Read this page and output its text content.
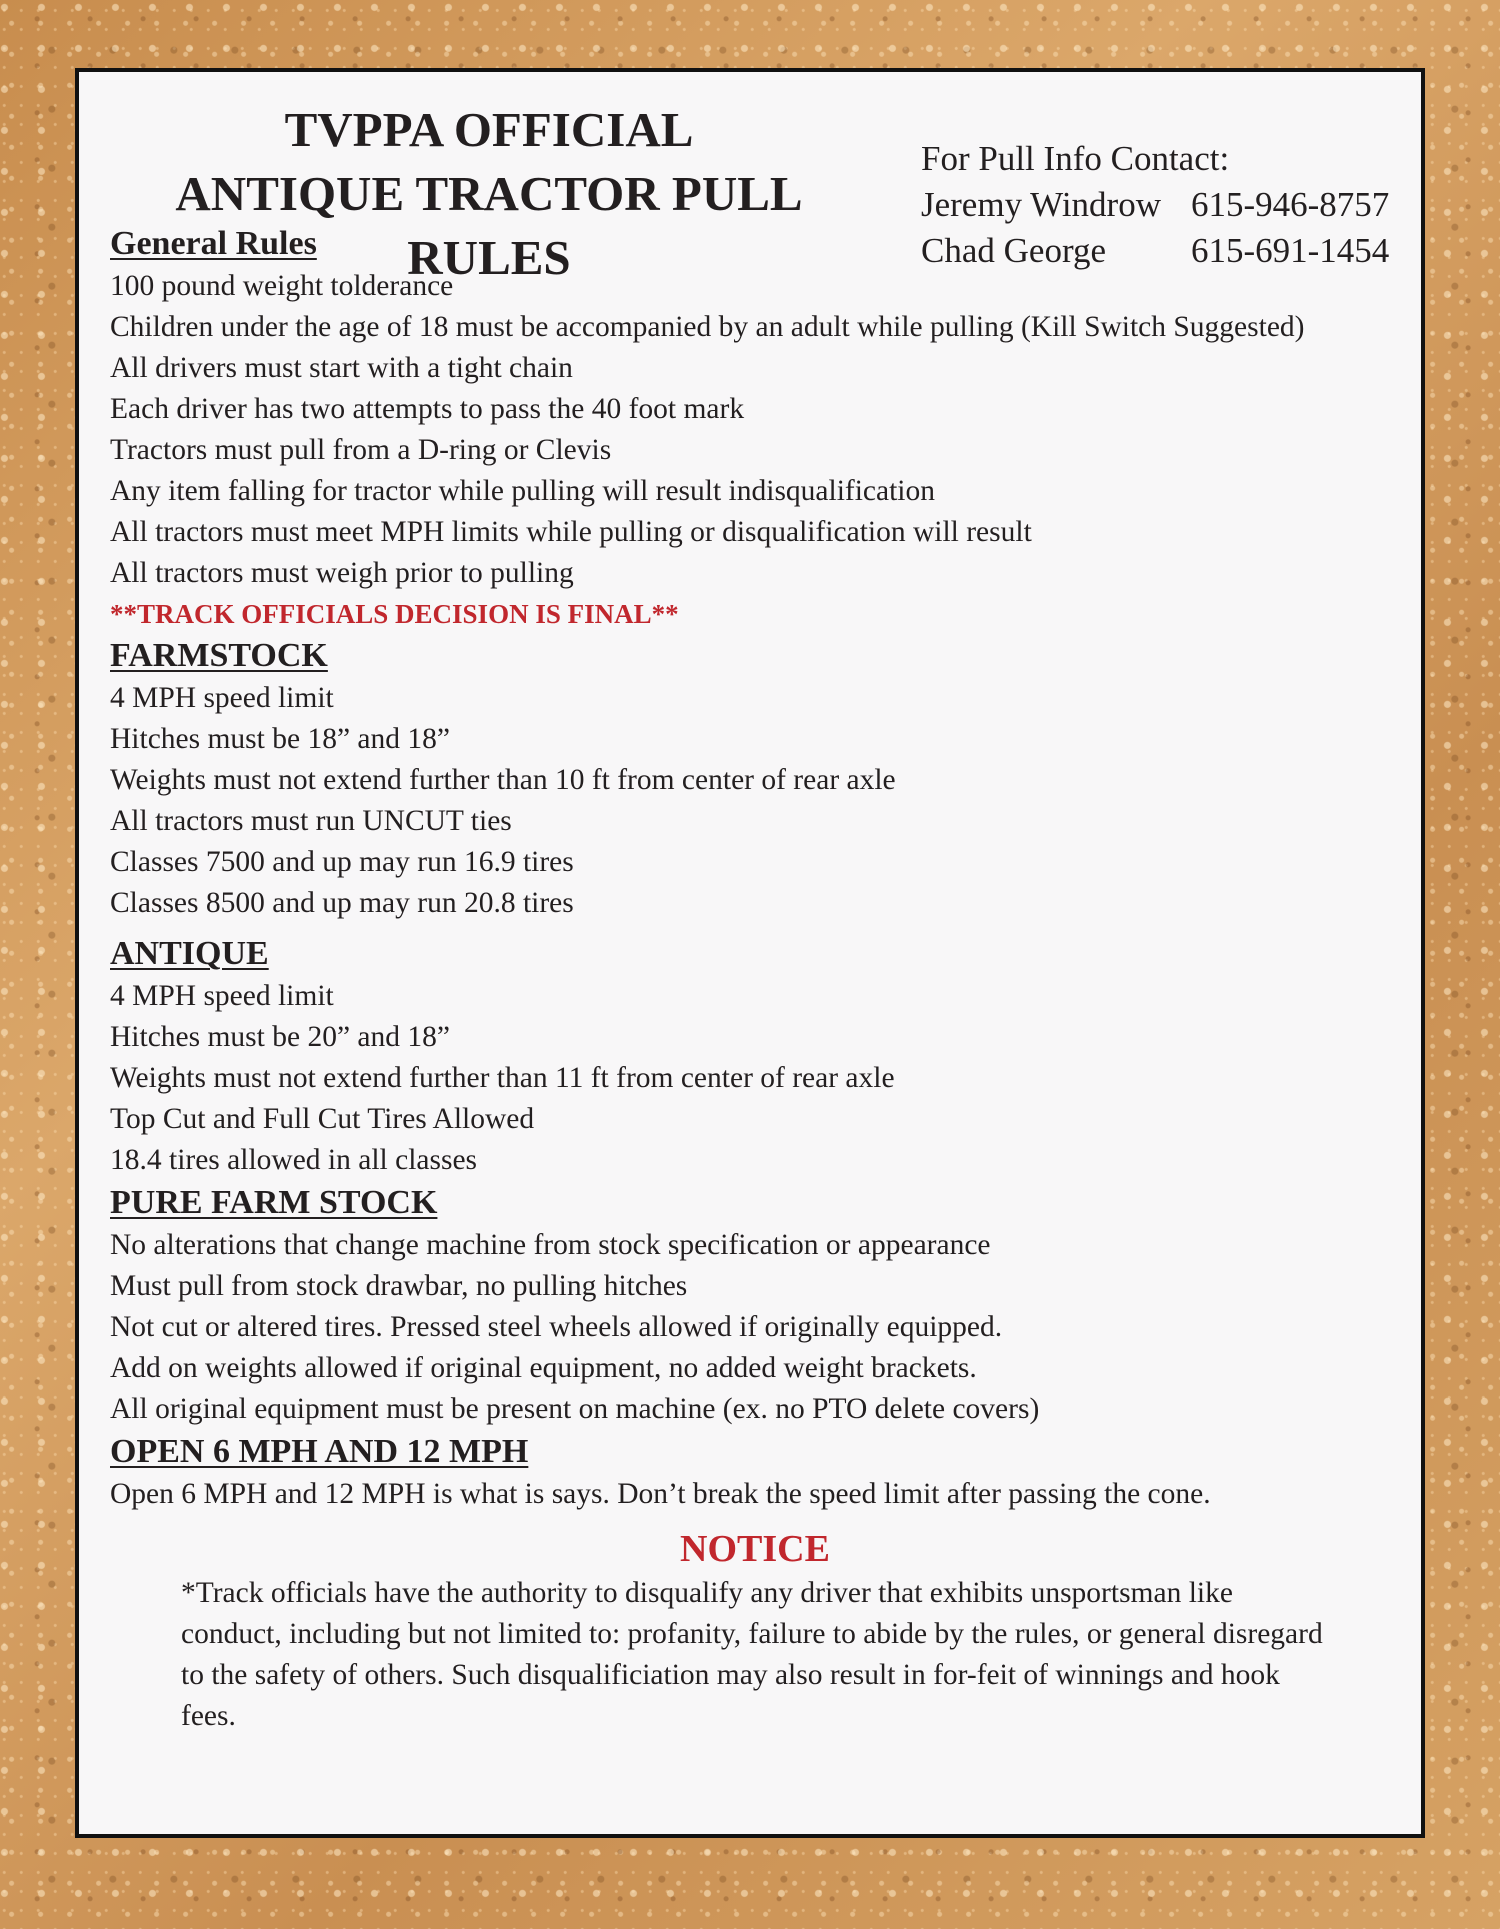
TVPPA OFFICIAL
ANTIQUE TRACTOR PULL RULES
For Pull Info Contact:
Jeremy Windrow 615-946-8757
Chad George	615-691-1454
General Rules

100 pound weight tolderance

Children under the age of 18 must be accompanied by an adult while pulling (Kill Switch Suggested)

All drivers must start with a tight chain

Each driver has two attempts to pass the 40 foot mark

Tractors must pull from a D-ring or Clevis

Any item falling for tractor while pulling will result indisqualification

All tractors must meet MPH limits while pulling or disqualification will result

All tractors must weigh prior to pulling

**TRACK OFFICIALS DECISION IS FINAL**

FARMSTOCK

4 MPH speed limit

Hitches must be 18” and 18”

Weights must not extend further than 10 ft from center of rear axle

All tractors must run UNCUT ties

Classes 7500 and up may run 16.9 tires

Classes 8500 and up may run 20.8 tires

ANTIQUE

4 MPH speed limit

Hitches must be 20” and 18”

Weights must not extend further than 11 ft from center of rear axle

Top Cut and Full Cut Tires Allowed

18.4 tires allowed in all classes

PURE FARM STOCK

No alterations that change machine from stock specification or appearance

Must pull from stock drawbar, no pulling hitches

Not cut or altered tires. Pressed steel wheels allowed if originally equipped.

Add on weights allowed if original equipment, no added weight brackets.

All original equipment must be present on machine (ex. no PTO delete covers)

OPEN 6 MPH AND 12 MPH

Open 6 MPH and 12 MPH is what is says. Don’t break the speed limit after passing the cone.

NOTICE

*Track officials have the authority to disqualify any driver that exhibits unsportsman like conduct, including but not limited to: profanity, failure to abide by the rules, or general disregard to the safety of others. Such disqualificiation may also result in for-feit of winnings and hook fees.
